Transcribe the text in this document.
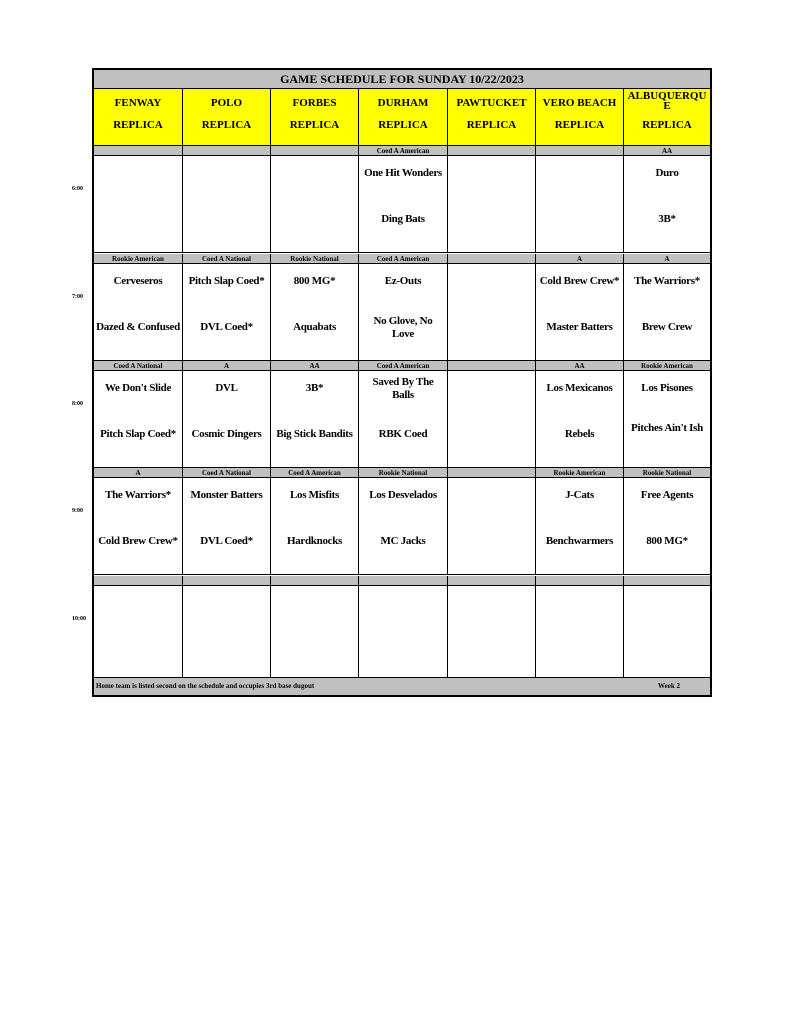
GAME SCHEDULE FOR SUNDAY 10/22/2023
Home team is listed second on the schedule and occupies 3rd base dugout	Week 2
FENWAY
REPLICA
POLO
REPLICA
FORBES
REPLICA
DURHAM
REPLICA
PAWTUCKET
REPLICA
VERO BEACH
REPLICA
ALBUQUERQU E
REPLICA
Coed A American
One Hit Wonders
Ding Bats
AA
Duro
3B*
Rookie American
Cerveseros
Dazed & Confused
Coed A National
Pitch Slap Coed*
DVL Coed*
Rookie National
800 MG*
Aquabats
Coed A American
Ez-Outs
No Glove, No Love
A
Cold Brew Crew*
Master Batters
A
The Warriors*
Brew Crew
Coed A National
We Don't Slide
Pitch Slap Coed*
A
DVL
Cosmic Dingers
AA
3B*
Big Stick Bandits
Coed A American
Saved By The Balls
RBK Coed
AA
Los Mexicanos
Rebels
Rookie American
Los Pisones
Pitches Ain't Ish
A
The Warriors*
Cold Brew Crew*
Coed A National
Monster Batters
DVL Coed*
Coed A American
Los Misfits
Hardknocks
Rookie National
Los Desvelados
MC Jacks
Rookie American
J-Cats
Benchwarmers
Rookie National
Free Agents
800 MG*
6:00
7:00
8:00
9:00
10:00
